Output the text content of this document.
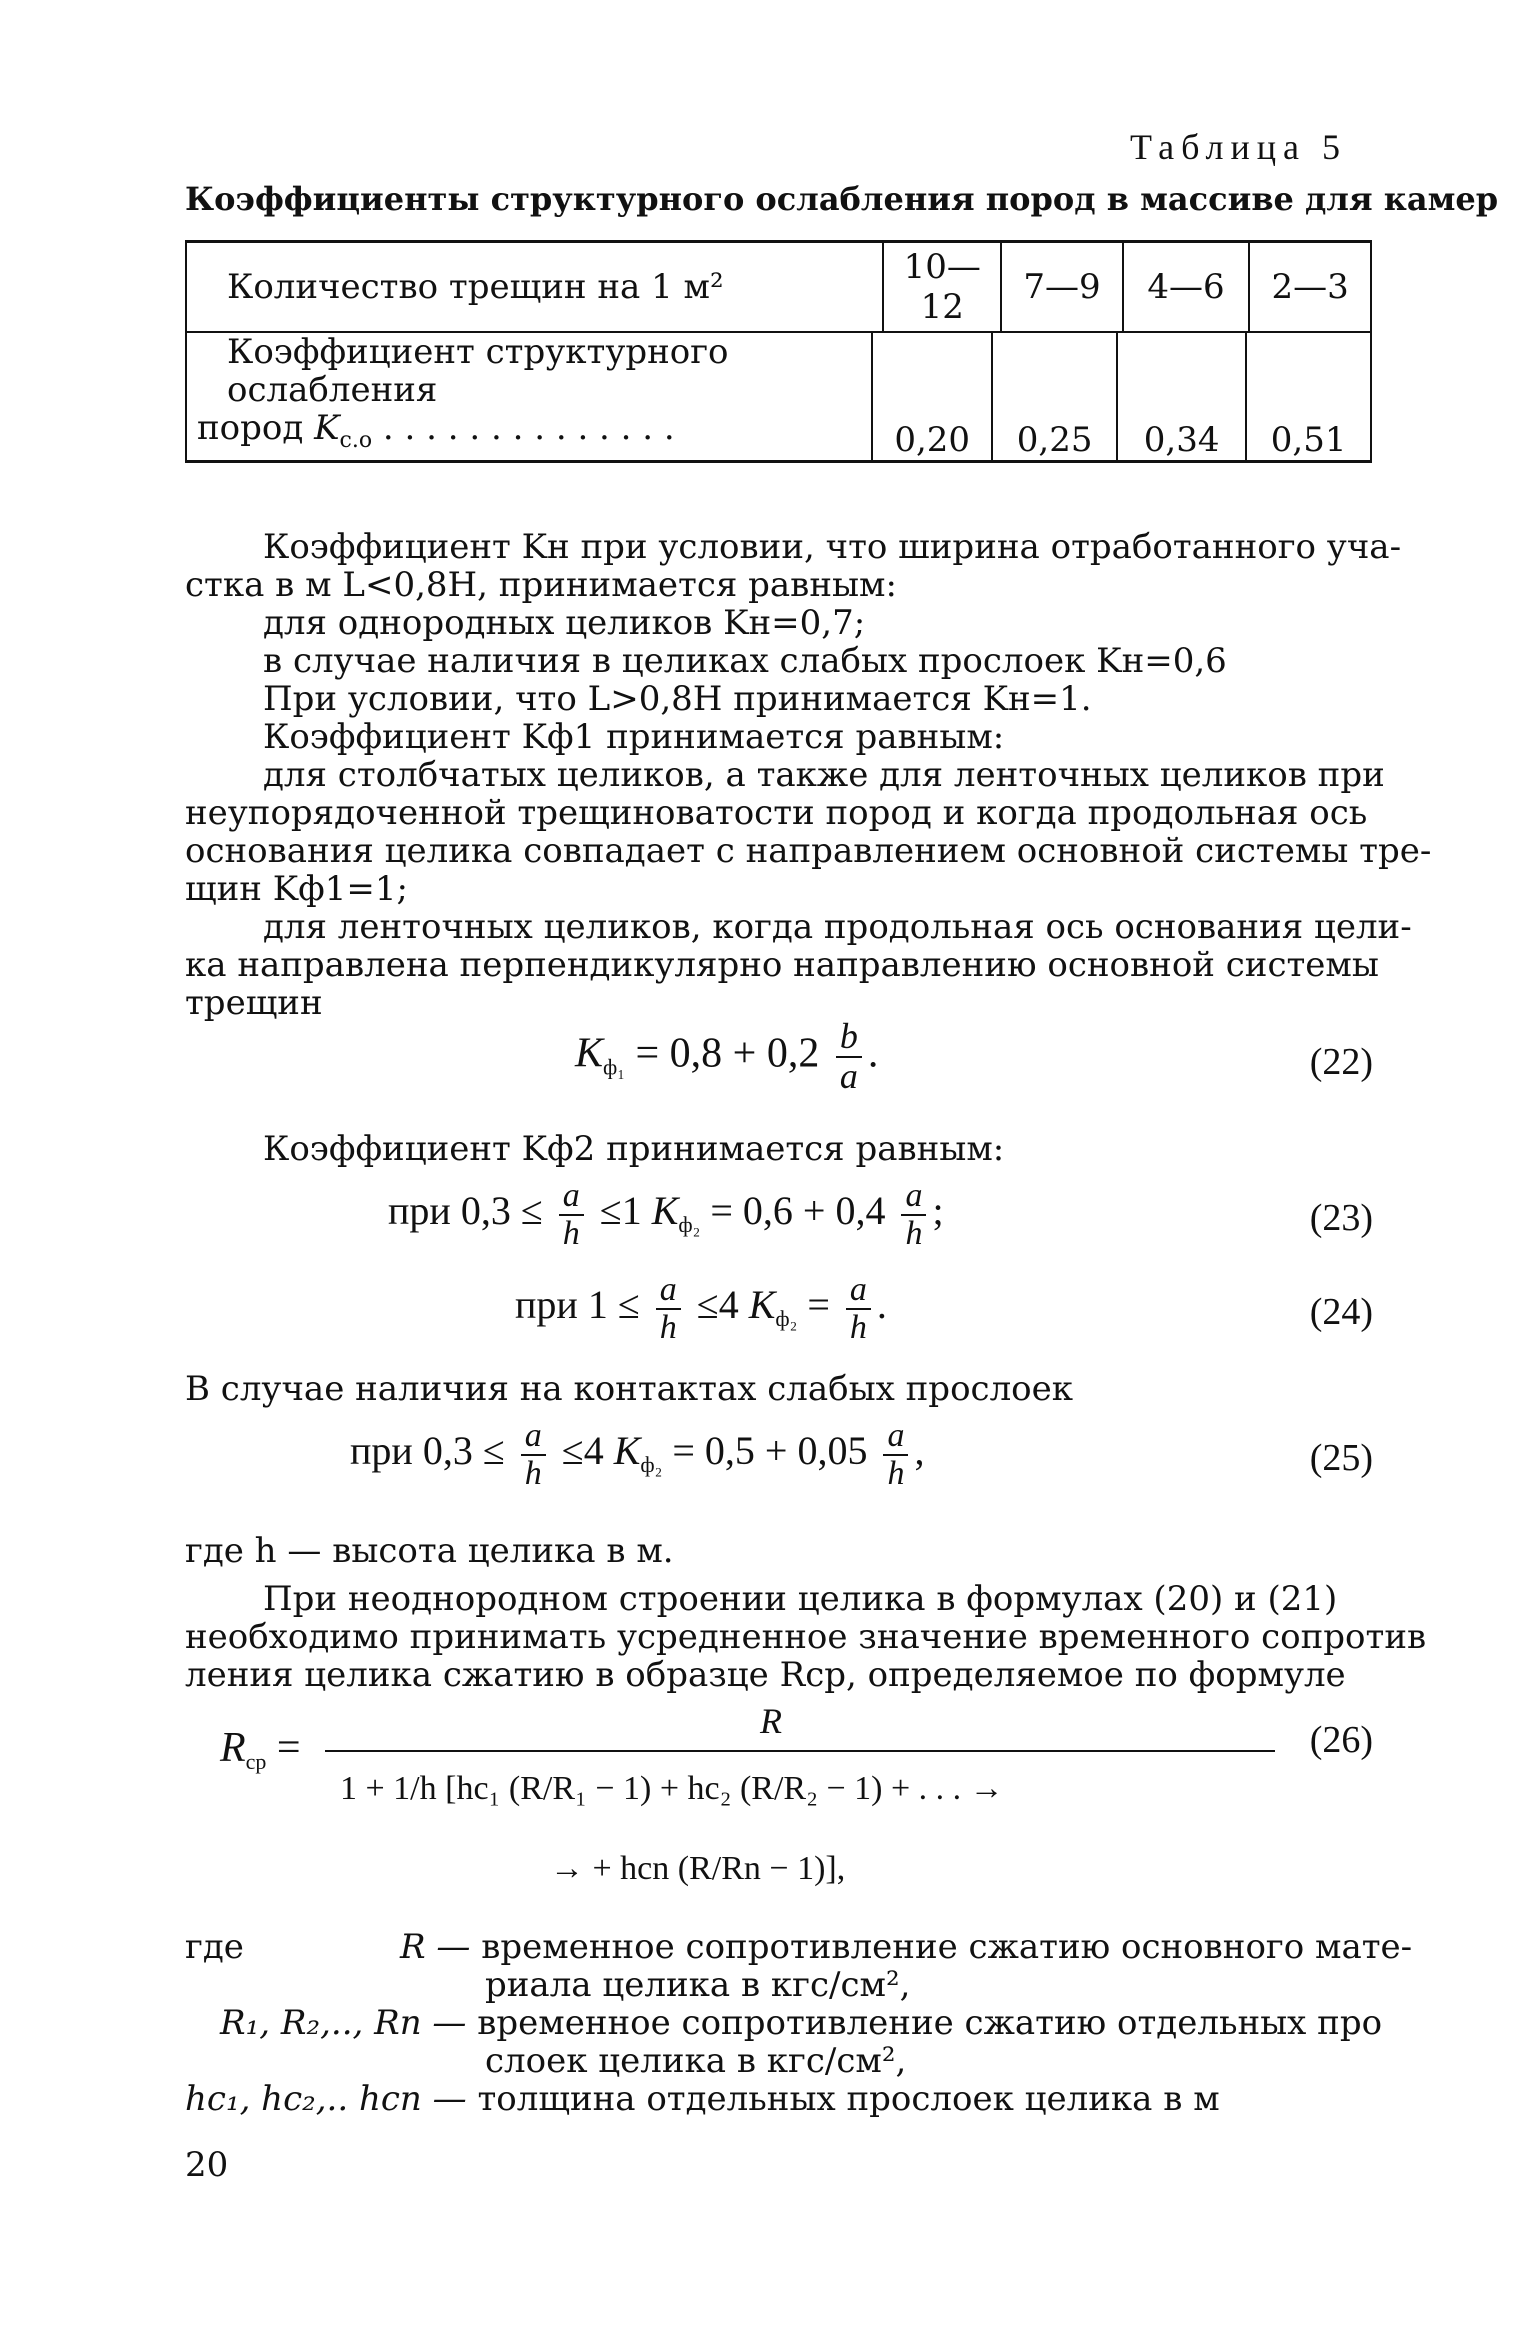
Таблица 5
Коэффициенты структурного ослабления пород в массиве для камер
Количество трещин на 1 м²	10—12	7—9	4—6	2—3
Коэффициент структурного ослабления
пород $K_{с.о}$ . . . . . . . . . . . . . .	0,20	0,25	0,34	0,51
Коэффициент Kн при условии, что ширина отработанного уча-
стка в м L<0,8H, принимается равным:
для однородных целиков Kн=0,7;
в случае наличия в целиках слабых прослоек Kн=0,6
При условии, что L>0,8H принимается Kн=1.
Коэффициент Kф1 принимается равным:
для столбчатых целиков, а также для ленточных целиков при
неупорядоченной трещиноватости пород и когда продольная ось
основания целика совпадает с направлением основной системы тре-
щин Kф1=1;
для ленточных целиков, когда продольная ось основания цели-
ка направлена перпендикулярно направлению основной системы
трещин
$K_{ф_1} = 0,8 + 0,2 \frac{b}{a}$ .	(22)
Коэффициент Kф2 принимается равным:
при $0,3 \le \frac{a}{h} \le 1$ $K_{ф_2} = 0,6 + 0,4 \frac{a}{h}$ ;	(23)
при $1 \le \frac{a}{h} \le 4$ $K_{ф_2} = \frac{a}{h}$ .	(24)
В случае наличия на контактах слабых прослоек
при $0,3 \le \frac{a}{h} \le 4$ $K_{ф_2} = 0,5 + 0,05 \frac{a}{h}$ ,	(25)
где h — высота целика в м.
При неоднородном строении целика в формулах (20) и (21)
необходимо принимать усредненное значение временного сопротив
ления целика сжатию в образце Rср, определяемое по формуле
$R_{ср}$ =
R
1 + 1/h [hc₁ (R/R₁ − 1) + hc₂ (R/R₂ − 1) + . . . →
→ + hcn (R/Rn − 1)],
(26)
где	R — временное сопротивление сжатию основного мате-
риала целика в кгс/см²,
R₁, R₂,.., Rn — временное сопротивление сжатию отдельных про
слоек целика в кгс/см²,
hc₁, hc₂,.. hcn — толщина отдельных прослоек целика в м
20
